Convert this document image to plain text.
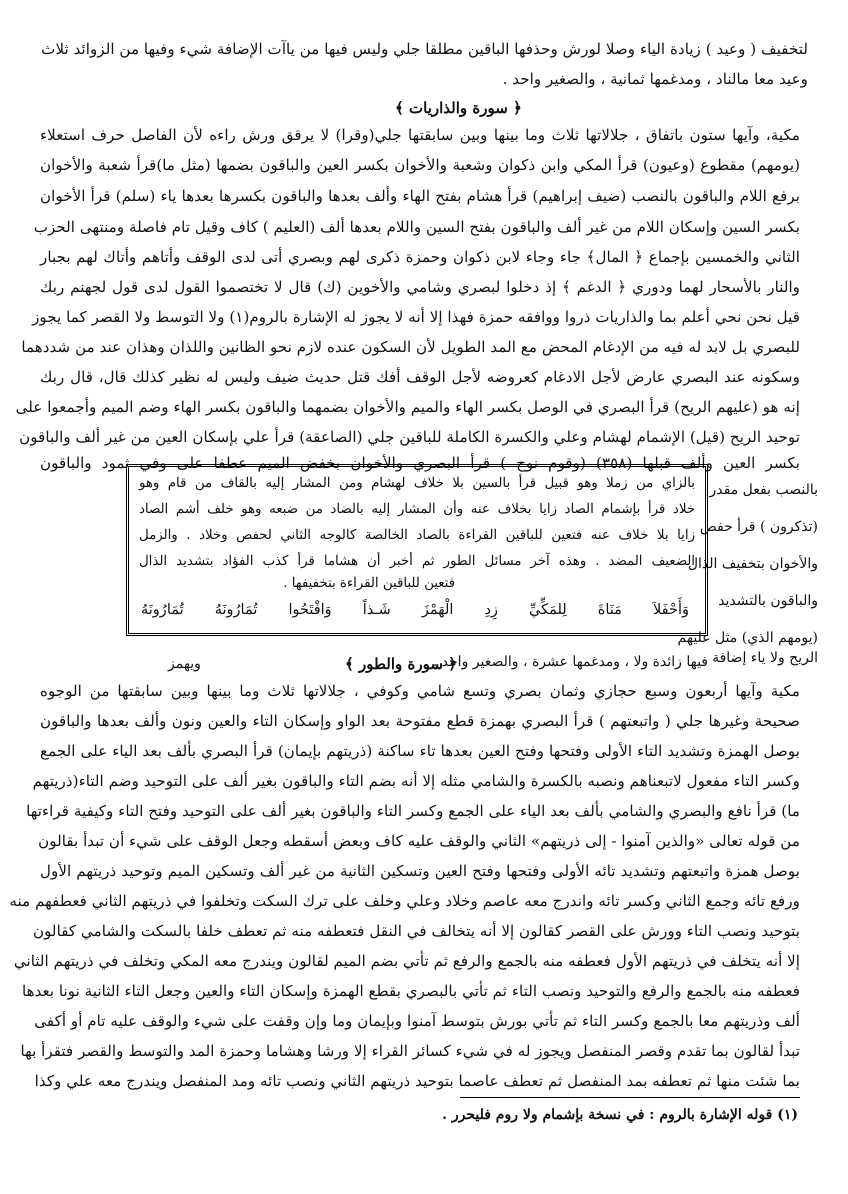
لتخفيف ( وعيد ) زيادة الياء وصلا لورش وحذفها الباقين مطلقا جلي وليس فيها من ياآت الإضافة شيء وفيها من الزوائد ثلاث
وعيد معا مالناد ، ومدغمها ثمانية ، والصغير واحد .
﴿ سورة والذاريات ﴾
مكية، وآيها ستون باتفاق ، جلالاتها ثلاث وما بينها وبين سابقتها جلي(وقرا) لا يرقق ورش راءه لأن الفاصل حرف استعلاء
(يومهم) مقطوع (وعيون) قرأ المكي وابن ذكوان وشعبة والأخوان بكسر العين والباقون بضمها (مثل ما)قرأ شعبة والأخوان
برفع اللام والباقون بالنصب (ضيف إبراهيم) قرأ هشام بفتح الهاء وألف بعدها والباقون بكسرها بعدها ياء (سلم) قرأ الأخوان
بكسر السين وإسكان اللام من غير ألف والباقون بفتح السين واللام بعدها ألف (العليم ) كاف وقيل تام فاصلة ومنتهى الحزب
الثاني والخمسين بإجماع ﴿ المال﴾ جاء وجاء لابن ذكوان وحمزة ذكرى لهم وبصري أتى لدى الوقف وأتاهم وأتاك لهم بجبار
والنار بالأسحار لهما ودوري ﴿ الدغم ﴾ إذ دخلوا لبصري وشامي والأخوين (ك) قال لا تختصموا القول لدى قول لجهنم ربك
قيل نحن نحي أعلم بما والذاريات ذروا ووافقه حمزة فهذا إلا أنه لا يجوز له الإشارة بالروم(١) ولا التوسط ولا القصر كما يجوز
للبصري بل لابد له فيه من الإدغام المحض مع المد الطويل لأن السكون عنده لازم نحو الظانين واللذان وهذان عند من شددهما
وسكونه عند البصري عارض لأجل الادغام كعروضه لأجل الوقف أفك قتل حديث ضيف وليس له نظير كذلك قال، قال ربك
إنه هو (عليهم الريح) قرأ البصري في الوصل بكسر الهاء والميم والأخوان بضمهما والباقون بكسر الهاء وضم الميم وأجمعوا على
توحيد الريح (قيل) الإشمام لهشام وعلي والكسرة الكاملة للباقين جلي (الصاعقة) قرأ علي بإسكان العين من غير ألف والباقون
بكسر العين وألف قبلها (٣٥٨) (وقوم نوح ) قرأ البصري والأخوان بخفض الميم عطفا على وفي ثمود والباقون
بالنصب بفعل مقدر
(تذكرون ) قرأ حفص
والأخوان بتخفيف الذال
والباقون بالتشديد
(يومهم الذي) مثل عليهم
بالزاي من زملا وهو قبيل قرأ بالسين بلا خلاف لهشام ومن المشار إليه بالقاف من قام وهو
خلاد قرأ بإشمام الصاد زايا بخلاف عنه وأن المشار إليه بالضاد من ضبعه وهو خلف أشم الصاد
زايا بلا خلاف عنه فتعين للباقين القراءة بالصاد الخالصة كالوجه الثاني لحفص وخلاد . والزمل
الضعيف المضد . وهذه آخر مسائل الطور ثم أخبر أن هشاما قرأ كذب الفؤاد بتشديد الذال
فتعين للباقين القراءة بتخفيفها .
وَأَحْفَلاَ مَنَاةَ لِلمَكِّيِّ زِدِ الْهَمْزَ شَـذاً وَافْتَحُوا تُمَارُونَهُ تُمَارُونَهُ
الريح ولا ياء إضافة
فيها زائدة ولا ، ومدغمها عشرة ، والصغير واحد .
﴿ سورة والطور ﴾
ويهمز
مكية وآيها أربعون وسبع حجازي وثمان بصري وتسع شامي وكوفي ، جلالاتها ثلاث وما بينها وبين سابقتها من الوجوه
صحيحة وغيرها جلي ( واتبعتهم ) قرأ البصري بهمزة قطع مفتوحة بعد الواو وإسكان التاء والعين ونون وألف بعدها والباقون
بوصل الهمزة وتشديد التاء الأولى وفتحها وفتح العين بعدها تاء ساكنة (ذريتهم بإيمان) قرأ البصري بألف بعد الياء على الجمع
وكسر التاء مفعول لاتبعناهم ونصبه بالكسرة والشامي مثله إلا أنه بضم التاء والباقون بغير ألف على التوحيد وضم التاء(ذريتهم
ما) قرأ نافع والبصري والشامي بألف بعد الياء على الجمع وكسر التاء والباقون بغير ألف على التوحيد وفتح التاء وكيفية قراءتها
من قوله تعالى «والذين آمنوا - إلى ذريتهم» الثاني والوقف عليه كاف وبعض أسقطه وجعل الوقف على شيء أن تبدأ بقالون
بوصل همزة واتبعتهم وتشديد تائه الأولى وفتحها وفتح العين وتسكين الثانية من غير ألف وتسكين الميم وتوحيد ذريتهم الأول
ورفع تائه وجمع الثاني وكسر تائه واندرج معه عاصم وخلاد وعلي وخلف على ترك السكت وتخلفوا في ذريتهم الثاني فعطفهم منه
بتوحيد ونصب التاء وورش على القصر كقالون إلا أنه يتخالف في النقل فتعطفه منه ثم تعطف خلفا بالسكت والشامي كقالون
إلا أنه يتخلف في ذريتهم الأول فعطفه منه بالجمع والرفع ثم تأتي بضم الميم لقالون ويندرج معه المكي وتخلف في ذريتهم الثاني
فعطفه منه بالجمع والرفع والتوحيد ونصب التاء ثم تأتي بالبصري بقطع الهمزة وإسكان التاء والعين وجعل التاء الثانية نونا بعدها
ألف وذريتهم معا بالجمع وكسر التاء ثم تأتي بورش بتوسط آمنوا وبإيمان وما وإن وقفت على شيء والوقف عليه تام أو أكفى
تبدأ لقالون بما تقدم وقصر المنفصل ويجوز له في شيء كسائر القراء إلا ورشا وهشاما وحمزة المد والتوسط والقصر فتقرأ بها
بما شئت منها ثم تعطفه بمد المنفصل ثم تعطف عاصما بتوحيد ذريتهم الثاني ونصب تائه ومد المنفصل ويندرج معه علي وكذا
(١) قوله الإشارة بالروم : في نسخة بإشمام ولا روم فليحرر .
